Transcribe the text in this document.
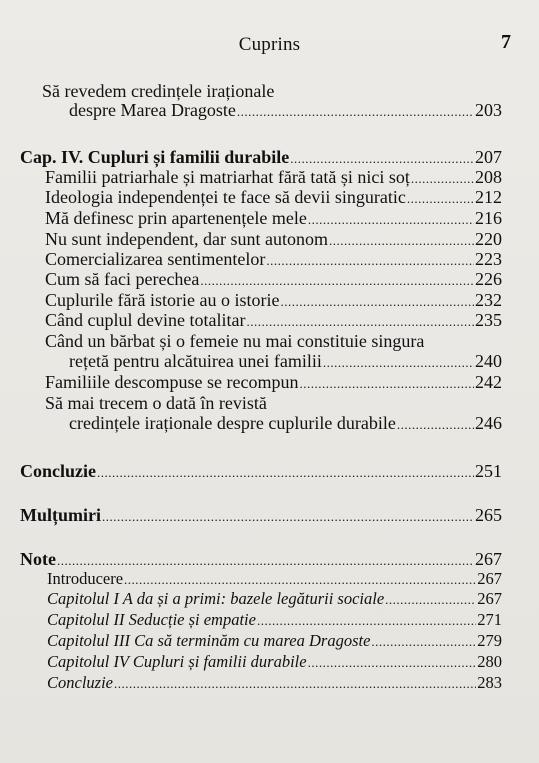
Cuprins	7
Să revedem credințele iraționale
despre Marea Dragoste .....	203
Cap. IV. Cupluri și familii durabile .....	207
Familii patriarhale și matriarhat fără tată și nici soț .....	208
Ideologia independenței te face să devii singuratic .....	212
Mă definesc prin apartenențele mele .....	216
Nu sunt independent, dar sunt autonom .....	220
Comercializarea sentimentelor .....	223
Cum să faci perechea .....	226
Cuplurile fără istorie au o istorie .....	232
Când cuplul devine totalitar .....	235
Când un bărbat și o femeie nu mai constituie singura
rețetă pentru alcătuirea unei familii .....	240
Familiile descompuse se recompun .....	242
Să mai trecem o dată în revistă
credințele iraționale despre cuplurile durabile .....	246
Concluzie .....	251
Mulțumiri .....	265
Note .....	267
Introducere .....	267
Capitolul I A da și a primi: bazele legăturii sociale .....	267
Capitolul II Seducție și empatie .....	271
Capitolul III Ca să terminăm cu marea Dragoste .....	279
Capitolul IV Cupluri și familii durabile .....	280
Concluzie .....	283
